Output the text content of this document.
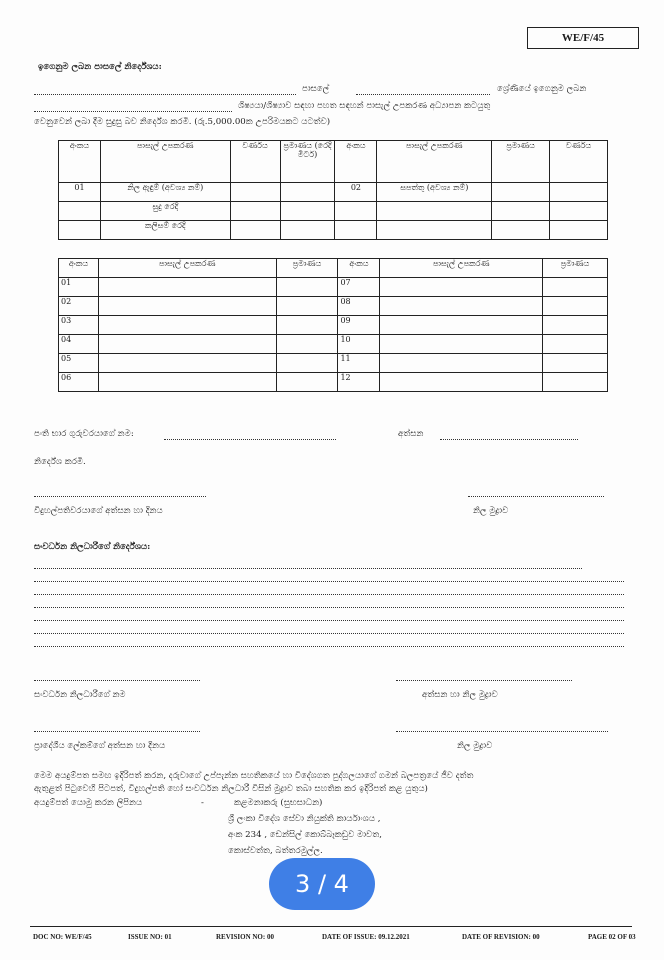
WE/F/45
ඉගෙනුම ලබන පාසලේ නිර්දේශය:
පාසලේ	ශ්‍රේණියේ ඉගෙනුම ලබන
ශිෂ්‍යයා/ශිෂ්‍යාව සඳහා පහත සඳහන් පාසැල් උපකරණ අධ්‍යාපන කටයුතු
වෙනුවෙන් ලබා දීම සුදුසු බව නිර්දේශ කරමි. (රු.5,000.00ක උපරිමයකට යටත්ව)
අංකය	පාසැල් උපකරණ	වර්ණය	ප්‍රමාණය (රෙදි මීටර්)	අංකය	පාසැල් උපකරණ	ප්‍රමාණය	වර්ණය
01	නිල ඇඳුම් (අවශ්‍ය නම්)			02	සපත්තු (අවශ්‍ය නම්)		
	සුදු රෙදි						
	කලිසම් රෙදි						
අංකය	පාසැල් උපකරණ	ප්‍රමාණය	අංකය	පාසැල් උපකරණ	ප්‍රමාණය
01			07		
02			08		
03			09		
04			10		
05			11		
06			12		
පංති භාර ගුරුවරයාගේ නම:	අත්සන
නිර්දේශ කරමි.
විදුහල්පතිවරයාගේ අත්සන හා දිනය	නිල මුද්‍රාව
සංවර්ධන නිලධාරීගේ නිර්දේශය:
සංවර්ධන නිලධාරීගේ නම	අත්සන හා නිල මුද්‍රාව
ප්‍රාදේශීය ලේකම්ගේ අත්සන හා දිනය	නිල මුද්‍රාව
මෙම අයදුම්පත සමඟ ඉදිරිපත් කරන, දරුවාගේ උප්පැන්න සහතිකයේ හා විදේශගත පුද්ගලයාගේ ගමන් බලපත්‍රයේ ජීව දත්ත
ඇතුළත් පිටුවෙහි පිටපත්, විදුහල්පති හෝ සංවර්ධන නිලධාරී විසින් මුද්‍රාව තබා සහතික කර ඉදිරිපත් කළ යුතුය)
අයදුම්පත් යොමු කරන ලිපිනය	-	කළමනාකරු (සුභසාධන)
ශ්‍රී ලංකා විදේශ සේවා නියුක්ති කාර්යාංශය ,
අංක 234 , ඩෙන්සිල් කොබ්බෑකඩුව මාවත,
කොස්වත්ත, බත්තරමුල්ල.
3 / 4
DOC NO: WE/F/45	ISSUE NO: 01	REVISION NO: 00	DATE OF ISSUE: 09.12.2021	DATE OF REVISION: 00	PAGE 02 OF 03
